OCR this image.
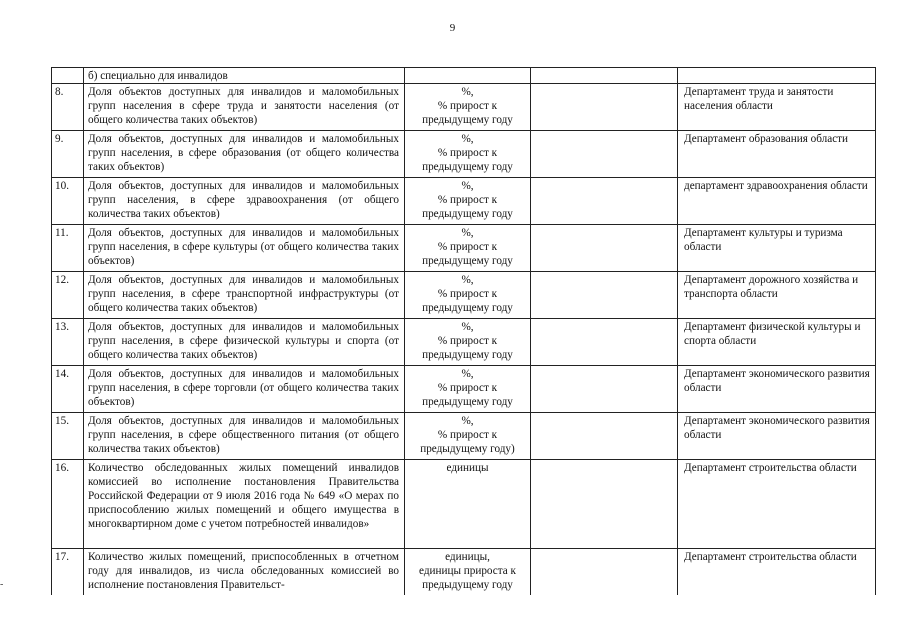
9
	б) специально для инвалидов			
8.	Доля объектов доступных для инвалидов и маломобильных групп населения в сфере труда и занятости населения (от общего количества таких объектов)	%,
% прирост к предыдущему году		Департамент труда и занятости населения области
9.	Доля объектов, доступных для инвалидов и маломобильных групп населения, в сфере образования (от общего количества таких объектов)	%,
% прирост к предыдущему году		Департамент образования области
10.	Доля объектов, доступных для инвалидов и маломобильных групп населения, в сфере здравоохранения (от общего количества таких объектов)	%,
% прирост к предыдущему году		департамент здравоохранения области
11.	Доля объектов, доступных для инвалидов и маломобильных групп населения, в сфере культуры (от общего количества таких объектов)	%,
% прирост к предыдущему году		Департамент культуры и туризма области
12.	Доля объектов, доступных для инвалидов и маломобильных групп населения, в сфере транспортной инфраструктуры (от общего количества таких объектов)	%,
% прирост к предыдущему году		Департамент дорожного хозяйства и транспорта области
13.	Доля объектов, доступных для инвалидов и маломобильных групп населения, в сфере физической культуры и спорта (от общего количества таких объектов)	%,
% прирост к предыдущему году		Департамент физической культуры и спорта области
14.	Доля объектов, доступных для инвалидов и маломобильных групп населения, в сфере торговли (от общего количества таких объектов)	%,
% прирост к предыдущему году		Департамент экономического развития области
15.	Доля объектов, доступных для инвалидов и маломобильных групп населения, в сфере общественного питания (от общего количества таких объектов)	%,
% прирост к предыдущему году)		Департамент экономического развития области
16.	Количество обследованных жилых помещений инвалидов комиссией во исполнение постановления Правительства Российской Федерации от 9 июля 2016 года № 649 «О мерах по приспособлению жилых помещений и общего имущества в многоквартирном доме с учетом потребностей инвалидов»	единицы		Департамент строительства области
17.	Количество жилых помещений, приспособленных в отчетном году для инвалидов, из числа обследованных комиссией во исполнение постановления Правительст-	единицы,
единицы прироста к предыдущему году		Департамент строительства области
-
